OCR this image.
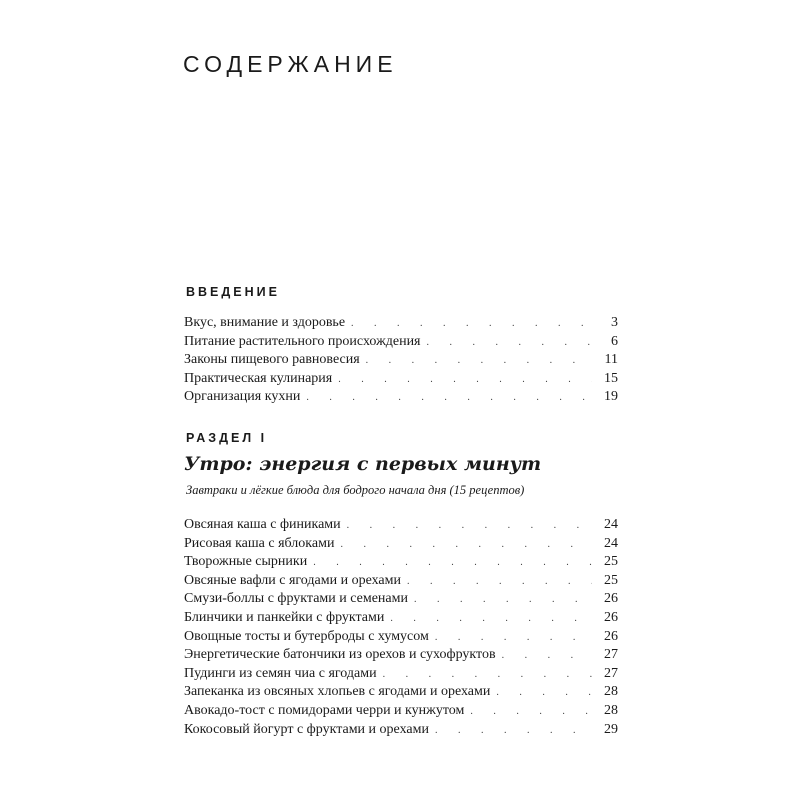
СОДЕРЖАНИЕ
ВВЕДЕНИЕ
Вкус, внимание и здоровье . . .	3
Питание растительного происхождения . . .	6
Законы пищевого равновесия . . .	11
Практическая кулинария . . .	15
Организация кухни . . .	19
РАЗДЕЛ I
Утро: энергия с первых минут
Завтраки и лёгкие блюда для бодрого начала дня (15 рецептов)
Овсяная каша с финиками . . .	24
Рисовая каша с яблоками . . .	24
Творожные сырники . . .	25
Овсяные вафли с ягодами и орехами . . .	25
Смузи-боллы с фруктами и семенами . . .	26
Блинчики и панкейки с фруктами . . .	26
Овощные тосты и бутерброды с хумусом . . .	26
Энергетические батончики из орехов и сухофруктов . . .	27
Пудинги из семян чиа с ягодами . . .	27
Запеканка из овсяных хлопьев с ягодами и орехами . . .	28
Авокадо-тост с помидорами черри и кунжутом . . .	28
Кокосовый йогурт с фруктами и орехами . . .	29
